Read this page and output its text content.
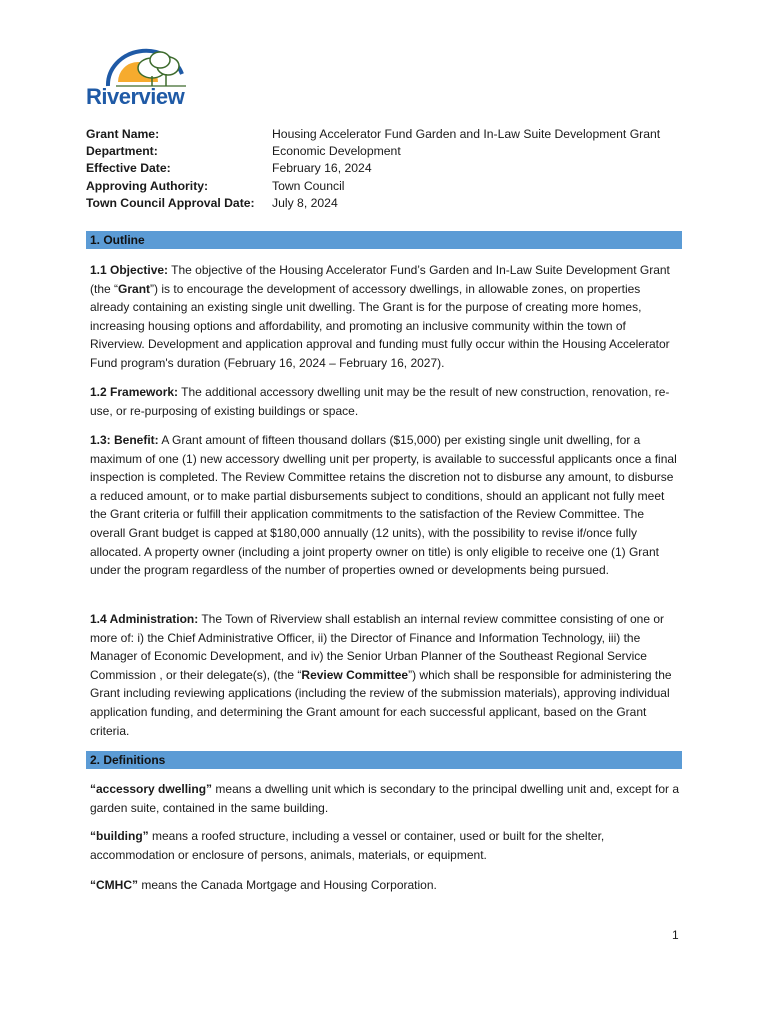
Riverview
Grant Name:	Housing Accelerator Fund Garden and In-Law Suite Development Grant
Department:	Economic Development
Effective Date:	February 16, 2024
Approving Authority:	Town Council
Town Council Approval Date:	July 8, 2024
1. Outline
1.1 Objective: The objective of the Housing Accelerator Fund’s Garden and In-Law Suite Development Grant (the “Grant”) is to encourage the development of accessory dwellings, in allowable zones, on properties already containing an existing single unit dwelling. The Grant is for the purpose of creating more homes, increasing housing options and affordability, and promoting an inclusive community within the town of Riverview. Development and application approval and funding must fully occur within the Housing Accelerator Fund program's duration (February 16, 2024 – February 16, 2027).
1.2 Framework: The additional accessory dwelling unit may be the result of new construction, renovation, re-use, or re-purposing of existing buildings or space.
1.3: Benefit: A Grant amount of fifteen thousand dollars ($15,000) per existing single unit dwelling, for a maximum of one (1) new accessory dwelling unit per property, is available to successful applicants once a final inspection is completed. The Review Committee retains the discretion not to disburse any amount, to disburse a reduced amount, or to make partial disbursements subject to conditions, should an applicant not fully meet the Grant criteria or fulfill their application commitments to the satisfaction of the Review Committee. The overall Grant budget is capped at $180,000 annually (12 units), with the possibility to revise if/once fully allocated. A property owner (including a joint property owner on title) is only eligible to receive one (1) Grant under the program regardless of the number of properties owned or developments being pursued.
1.4 Administration: The Town of Riverview shall establish an internal review committee consisting of one or more of: i) the Chief Administrative Officer, ii) the Director of Finance and Information Technology, iii) the Manager of Economic Development, and iv) the Senior Urban Planner of the Southeast Regional Service Commission , or their delegate(s), (the “Review Committee”) which shall be responsible for administering the Grant including reviewing applications (including the review of the submission materials), approving individual application funding, and determining the Grant amount for each successful applicant, based on the Grant criteria.
2. Definitions
“accessory dwelling” means a dwelling unit which is secondary to the principal dwelling unit and, except for a garden suite, contained in the same building.
“building” means a roofed structure, including a vessel or container, used or built for the shelter, accommodation or enclosure of persons, animals, materials, or equipment.
“CMHC” means the Canada Mortgage and Housing Corporation.
1
